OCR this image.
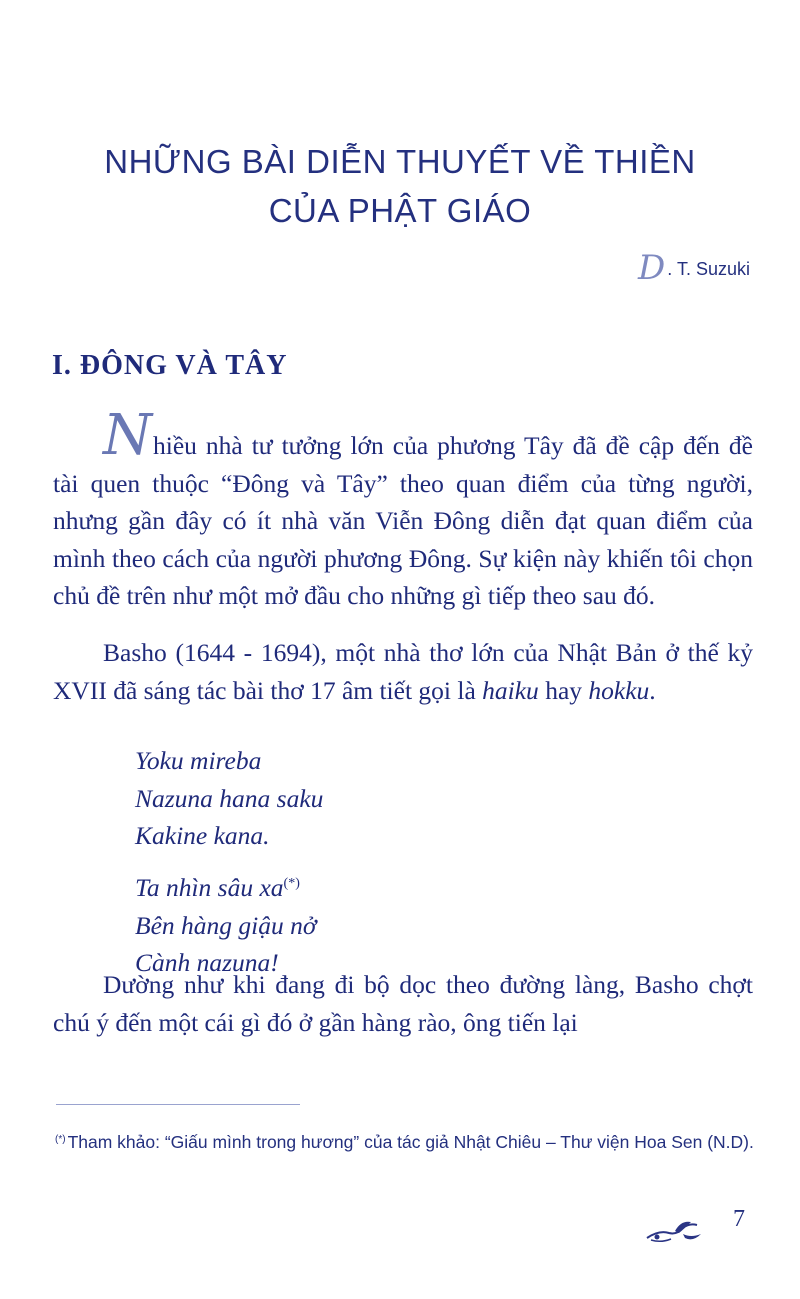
NHỮNG BÀI DIỄN THUYẾT VỀ THIỀN
CỦA PHẬT GIÁO
D . T. Suzuki
I. ĐÔNG VÀ TÂY

Nhiều nhà tư tưởng lớn của phương Tây đã đề cập đến đề tài quen thuộc “Đông và Tây” theo quan điểm của từng người, nhưng gần đây có ít nhà văn Viễn Đông diễn đạt quan điểm của mình theo cách của người phương Đông. Sự kiện này khiến tôi chọn chủ đề trên như một mở đầu cho những gì tiếp theo sau đó.

Basho (1644 - 1694), một nhà thơ lớn của Nhật Bản ở thế kỷ XVII đã sáng tác bài thơ 17 âm tiết gọi là haiku hay hokku.

Yoku mireba
Nazuna hana saku
Kakine kana.
Ta nhìn sâu xa(*)
Bên hàng giậu nở
Cành nazuna!

Dường như khi đang đi bộ dọc theo đường làng, Basho chợt chú ý đến một cái gì đó ở gần hàng rào, ông tiến lại

(*) Tham khảo: “Giấu mình trong hương” của tác giả Nhật Chiêu – Thư viện Hoa Sen (N.D).
7
